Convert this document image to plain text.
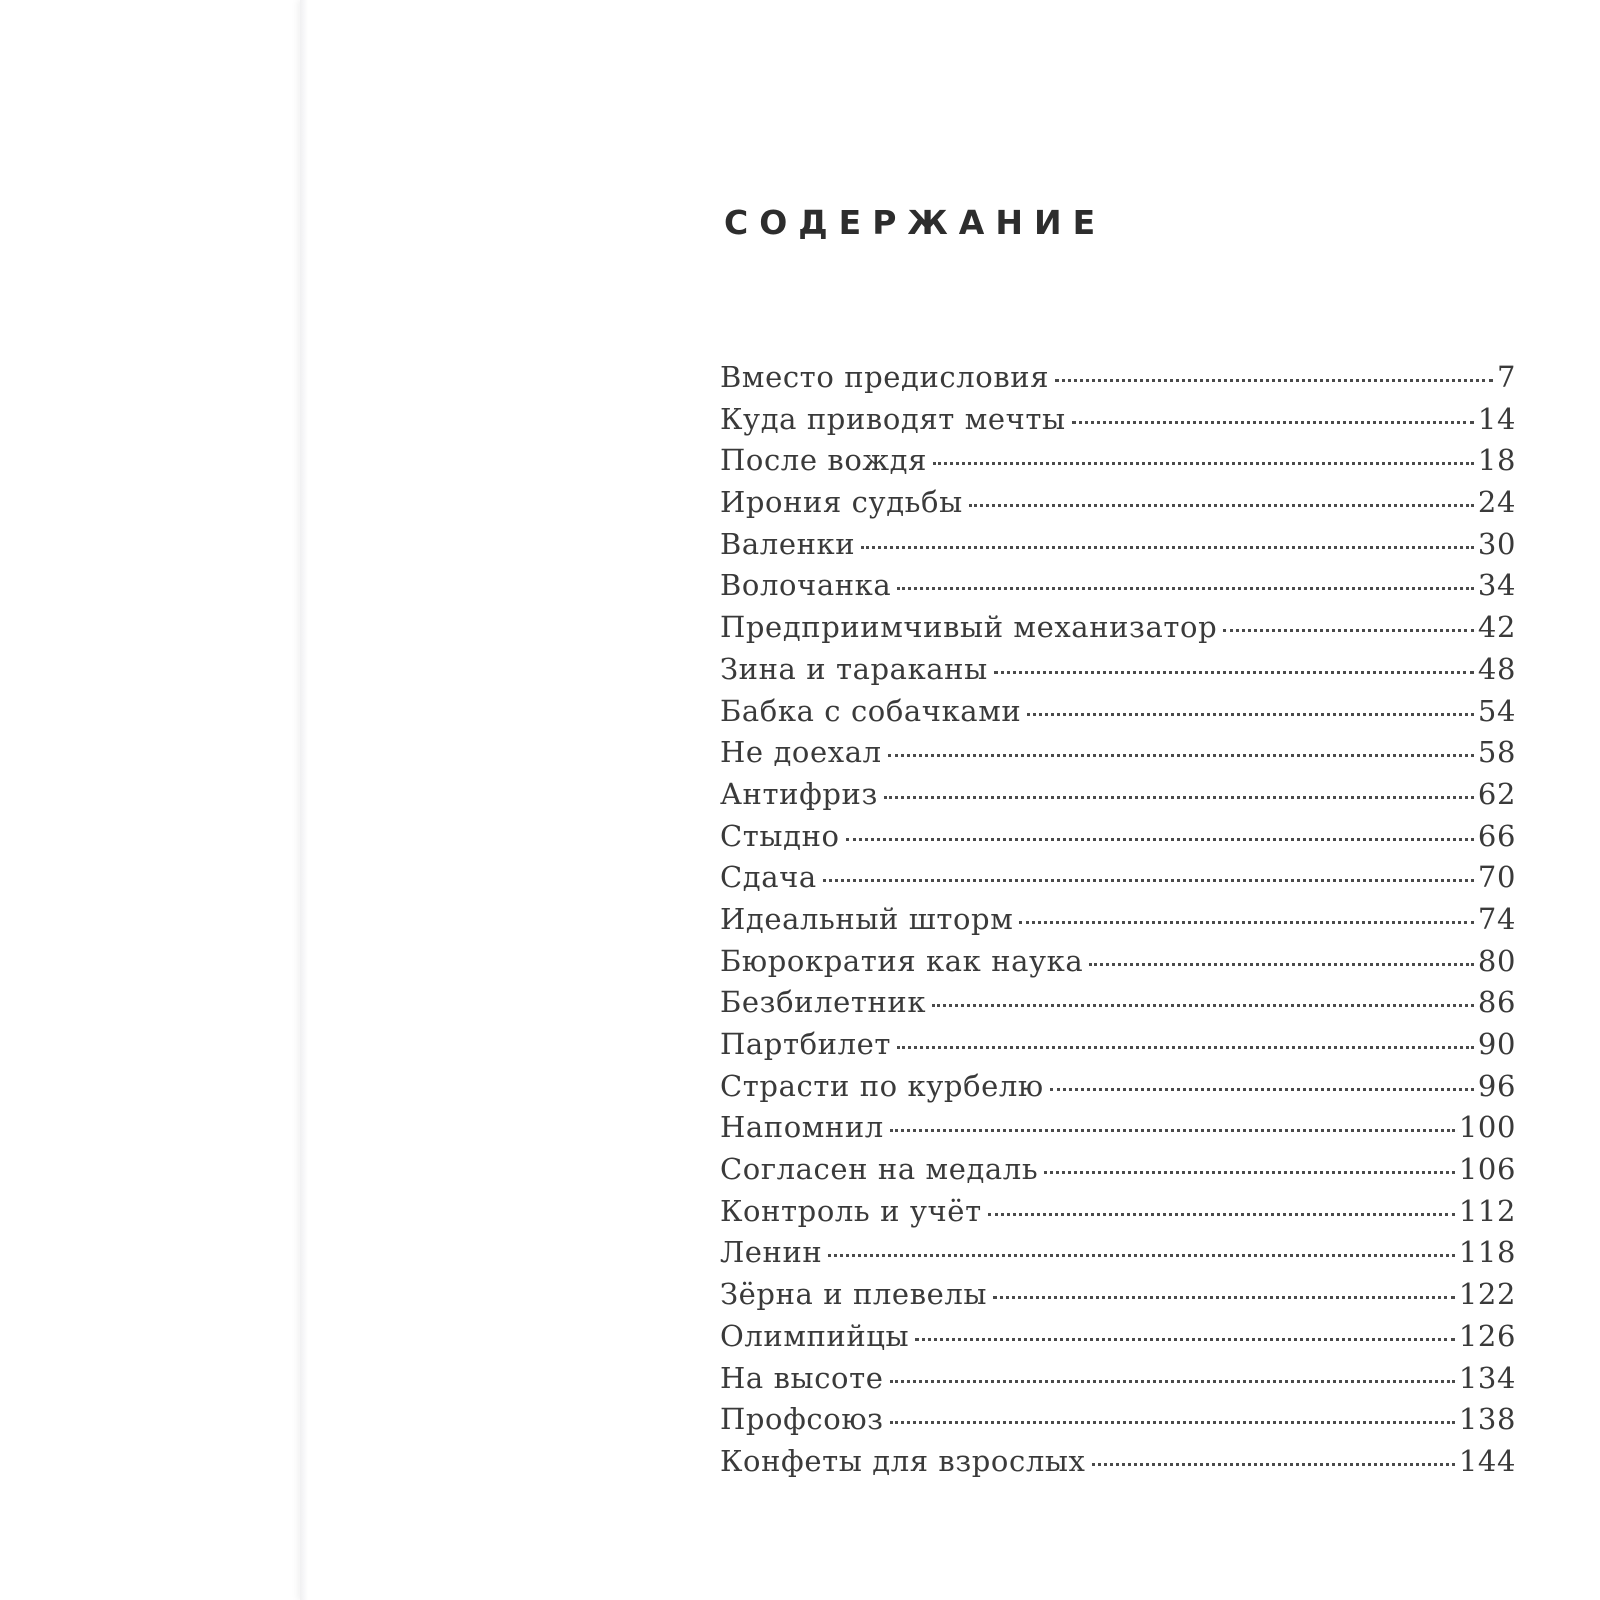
СОДЕРЖАНИЕ
Вместо предисловия	7
Куда приводят мечты	14
После вождя	18
Ирония судьбы	24
Валенки	30
Волочанка	34
Предприимчивый механизатор	42
Зина и тараканы	48
Бабка с собачками	54
Не доехал	58
Антифриз	62
Стыдно	66
Сдача	70
Идеальный шторм	74
Бюрократия как наука	80
Безбилетник	86
Партбилет	90
Страсти по курбелю	96
Напомнил	100
Согласен на медаль	106
Контроль и учёт	112
Ленин	118
Зёрна и плевелы	122
Олимпийцы	126
На высоте	134
Профсоюз	138
Конфеты для взрослых	144
